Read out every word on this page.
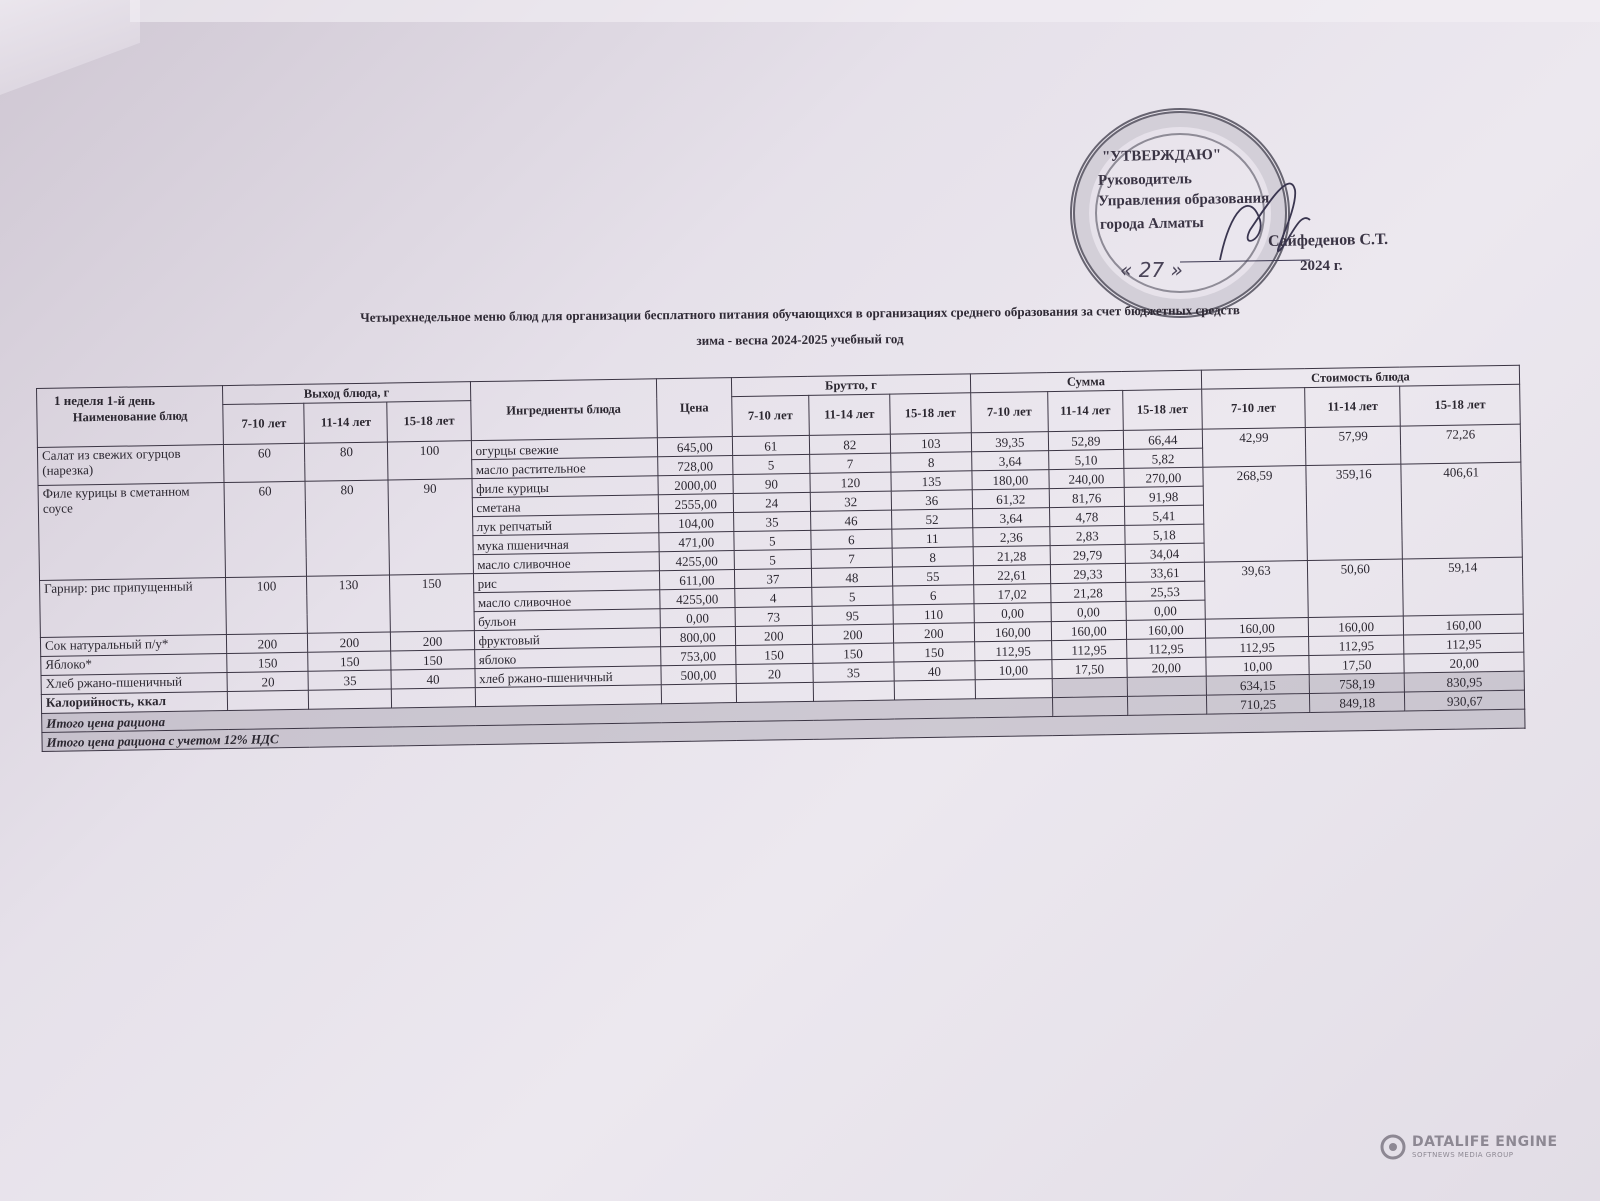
"УТВЕРЖДАЮ"
Руководитель
Управления образования
города Алматы
Сайфеденов С.Т.
« 27 »	2024 г.
Четырехнедельное меню блюд для организации бесплатного питания обучающихся в организациях среднего образования за счет бюджетных средств
зима - весна 2024-2025 учебный год
1 неделя 1-й день
Наименование блюд	Выход блюда, г			Ингредиенты блюда	Цена	Брутто, г			Сумма			Стоимость блюда		
	7-10 лет	11-14 лет	15-18 лет			7-10 лет	11-14 лет	15-18 лет	7-10 лет	11-14 лет	15-18 лет	7-10 лет	11-14 лет	15-18 лет
Салат из свежих огурцов (нарезка)	60	80	100	огурцы свежие	645,00	61	82	103	39,35	52,89	66,44	42,99	57,99	72,26
				масло растительное	728,00	5	7	8	3,64	5,10	5,82			
Филе курицы в сметанном соусе	60	80	90	филе курицы	2000,00	90	120	135	180,00	240,00	270,00	268,59	359,16	406,61
				сметана	2555,00	24	32	36	61,32	81,76	91,98			
				лук репчатый	104,00	35	46	52	3,64	4,78	5,41			
				мука пшеничная	471,00	5	6	11	2,36	2,83	5,18			
				масло сливочное	4255,00	5	7	8	21,28	29,79	34,04			
Гарнир: рис припущенный	100	130	150	рис	611,00	37	48	55	22,61	29,33	33,61	39,63	50,60	59,14
				масло сливочное	4255,00	4	5	6	17,02	21,28	25,53			
				бульон	0,00	73	95	110	0,00	0,00	0,00			
Сок натуральный п/у*	200	200	200	фруктовый	800,00	200	200	200	160,00	160,00	160,00	160,00	160,00	160,00
Яблоко*	150	150	150	яблоко	753,00	150	150	150	112,95	112,95	112,95	112,95	112,95	112,95
Хлеб ржано-пшеничный	20	35	40	хлеб ржано-пшеничный	500,00	20	35	40	10,00	17,50	20,00	10,00	17,50	20,00
Калорийность, ккал												634,15	758,19	830,95
Итого цена рациона												710,25	849,18	930,67
Итого цена рациона с учетом 12% НДС														
DATALIFE ENGINE
SOFTNEWS MEDIA GROUP
